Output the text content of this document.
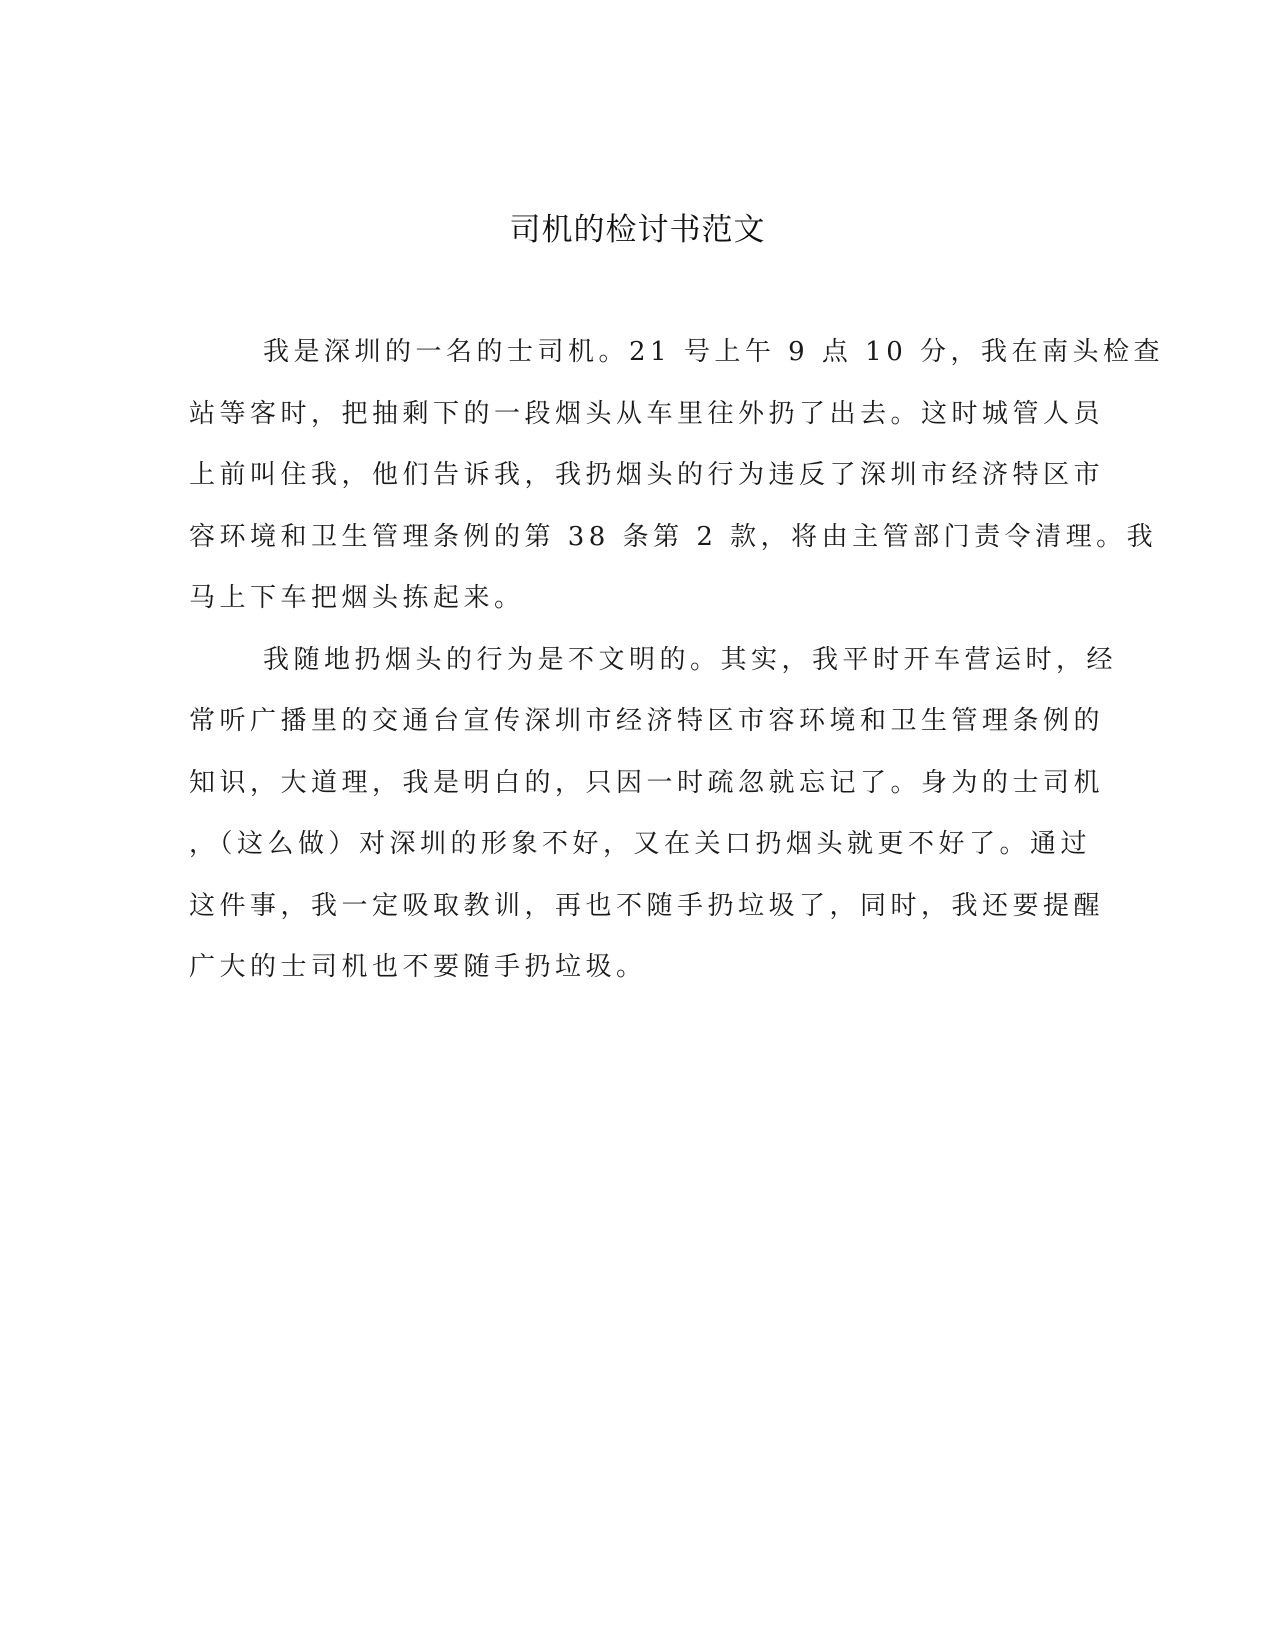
司机的检讨书范文
我是深圳的一名的士司机。21 号上午 9 点 10 分，我在南头检查
站等客时，把抽剩下的一段烟头从车里往外扔了出去。这时城管人员
上前叫住我，他们告诉我，我扔烟头的行为违反了深圳市经济特区市
容环境和卫生管理条例的第 38 条第 2 款，将由主管部门责令清理。我
马上下车把烟头拣起来。
我随地扔烟头的行为是不文明的。其实，我平时开车营运时，经
常听广播里的交通台宣传深圳市经济特区市容环境和卫生管理条例的
知识，大道理，我是明白的，只因一时疏忽就忘记了。身为的士司机
，（这么做）对深圳的形象不好，又在关口扔烟头就更不好了。通过
这件事，我一定吸取教训，再也不随手扔垃圾了，同时，我还要提醒
广大的士司机也不要随手扔垃圾。
